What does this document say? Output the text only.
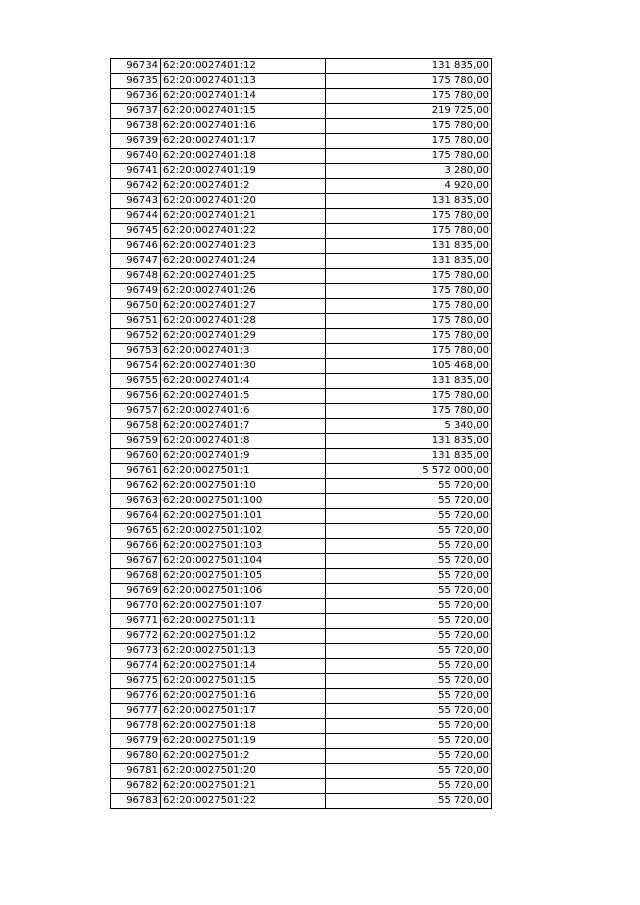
96734	62:20:0027401:12	131 835,00
96735	62:20:0027401:13	175 780,00
96736	62:20:0027401:14	175 780,00
96737	62:20:0027401:15	219 725,00
96738	62:20:0027401:16	175 780,00
96739	62:20:0027401:17	175 780,00
96740	62:20:0027401:18	175 780,00
96741	62:20:0027401:19	3 280,00
96742	62:20:0027401:2	4 920,00
96743	62:20:0027401:20	131 835,00
96744	62:20:0027401:21	175 780,00
96745	62:20:0027401:22	175 780,00
96746	62:20:0027401:23	131 835,00
96747	62:20:0027401:24	131 835,00
96748	62:20:0027401:25	175 780,00
96749	62:20:0027401:26	175 780,00
96750	62:20:0027401:27	175 780,00
96751	62:20:0027401:28	175 780,00
96752	62:20:0027401:29	175 780,00
96753	62:20:0027401:3	175 780,00
96754	62:20:0027401:30	105 468,00
96755	62:20:0027401:4	131 835,00
96756	62:20:0027401:5	175 780,00
96757	62:20:0027401:6	175 780,00
96758	62:20:0027401:7	5 340,00
96759	62:20:0027401:8	131 835,00
96760	62:20:0027401:9	131 835,00
96761	62:20:0027501:1	5 572 000,00
96762	62:20:0027501:10	55 720,00
96763	62:20:0027501:100	55 720,00
96764	62:20:0027501:101	55 720,00
96765	62:20:0027501:102	55 720,00
96766	62:20:0027501:103	55 720,00
96767	62:20:0027501:104	55 720,00
96768	62:20:0027501:105	55 720,00
96769	62:20:0027501:106	55 720,00
96770	62:20:0027501:107	55 720,00
96771	62:20:0027501:11	55 720,00
96772	62:20:0027501:12	55 720,00
96773	62:20:0027501:13	55 720,00
96774	62:20:0027501:14	55 720,00
96775	62:20:0027501:15	55 720,00
96776	62:20:0027501:16	55 720,00
96777	62:20:0027501:17	55 720,00
96778	62:20:0027501:18	55 720,00
96779	62:20:0027501:19	55 720,00
96780	62:20:0027501:2	55 720,00
96781	62:20:0027501:20	55 720,00
96782	62:20:0027501:21	55 720,00
96783	62:20:0027501:22	55 720,00
